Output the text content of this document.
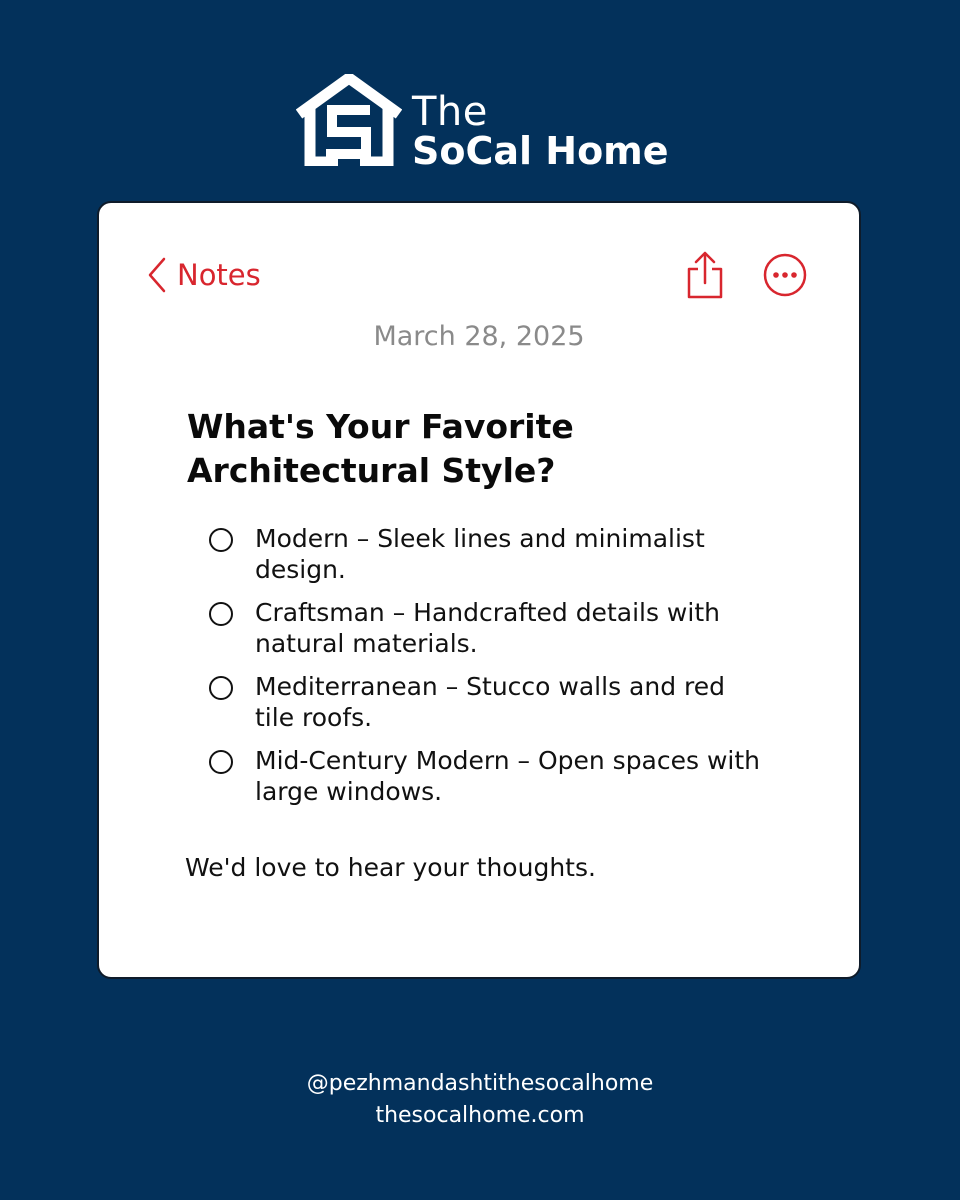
The
SoCal Home
Notes
March 28, 2025
What's Your Favorite Architectural Style?
Modern – Sleek lines and minimalist design.
Craftsman – Handcrafted details with natural materials.
Mediterranean – Stucco walls and red tile roofs.
Mid-Century Modern – Open spaces with large windows.
We'd love to hear your thoughts.
@pezhmandashtithesocalhome
thesocalhome.com
